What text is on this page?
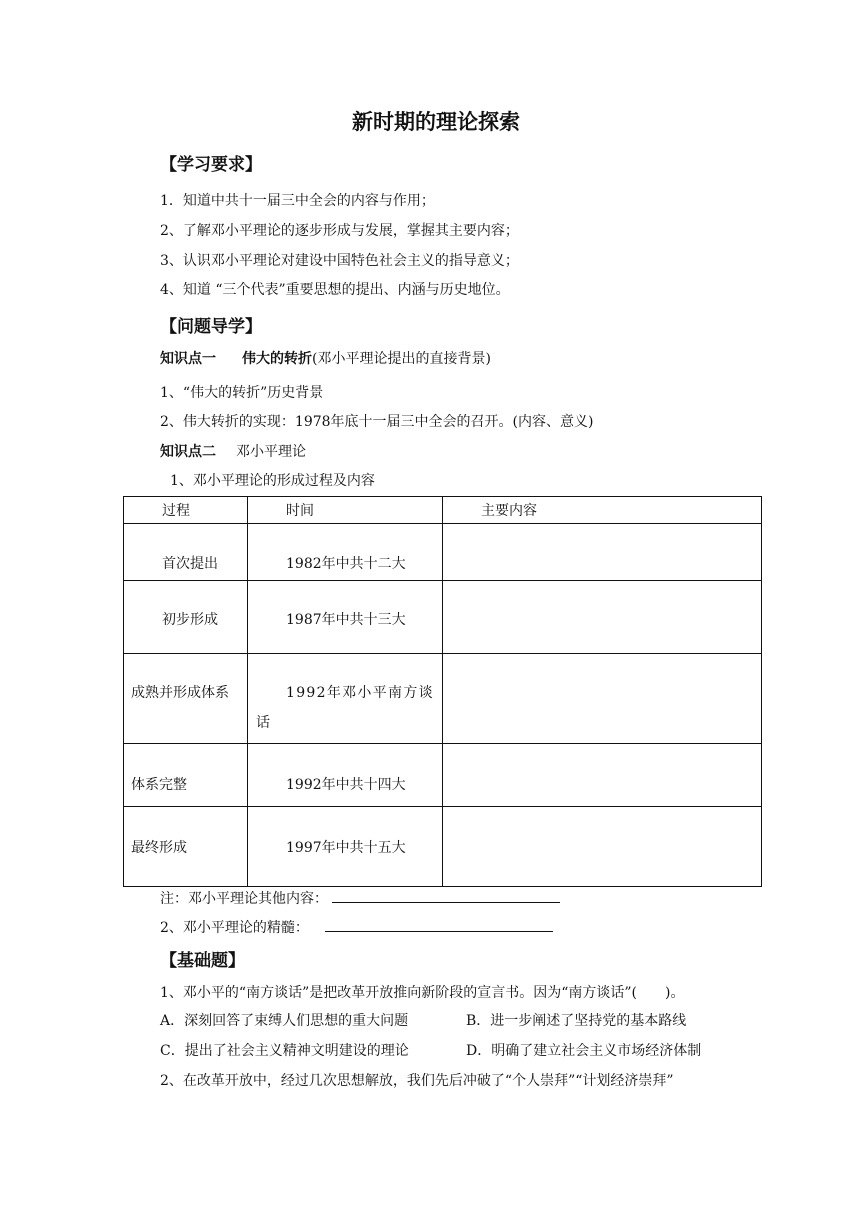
新时期的理论探索
【学习要求】
1．知道中共十一届三中全会的内容与作用；
2、了解邓小平理论的逐步形成与发展，掌握其主要内容；
3、认识邓小平理论对建设中国特色社会主义的指导意义；
4、知道 “三个代表”重要思想的提出、内涵与历史地位。
【问题导学】
知识点一 伟大的转折(邓小平理论提出的直接背景)
1、“伟大的转折”历史背景
2、伟大转折的实现：1978年底十一届三中全会的召开。(内容、意义)
知识点二 邓小平理论
1、邓小平理论的形成过程及内容
过程	时间	主要内容

首次提出	1982年中共十二大	

初步形成	1987年中共十三大	

成熟并形成体系	1992年邓小平南方谈
话	

体系完整	1992年中共十四大	

最终形成	1997年中共十五大	

注：邓小平理论其他内容：
2、邓小平理论的精髓：
【基础题】
1、邓小平的“南方谈话”是把改革开放推向新阶段的宣言书。因为“南方谈话”(　　)。
A．深刻回答了束缚人们思想的重大问题	B．进一步阐述了坚持党的基本路线
C．提出了社会主义精神文明建设的理论	D．明确了建立社会主义市场经济体制
2、在改革开放中，经过几次思想解放，我们先后冲破了“个人崇拜”“计划经济崇拜”
